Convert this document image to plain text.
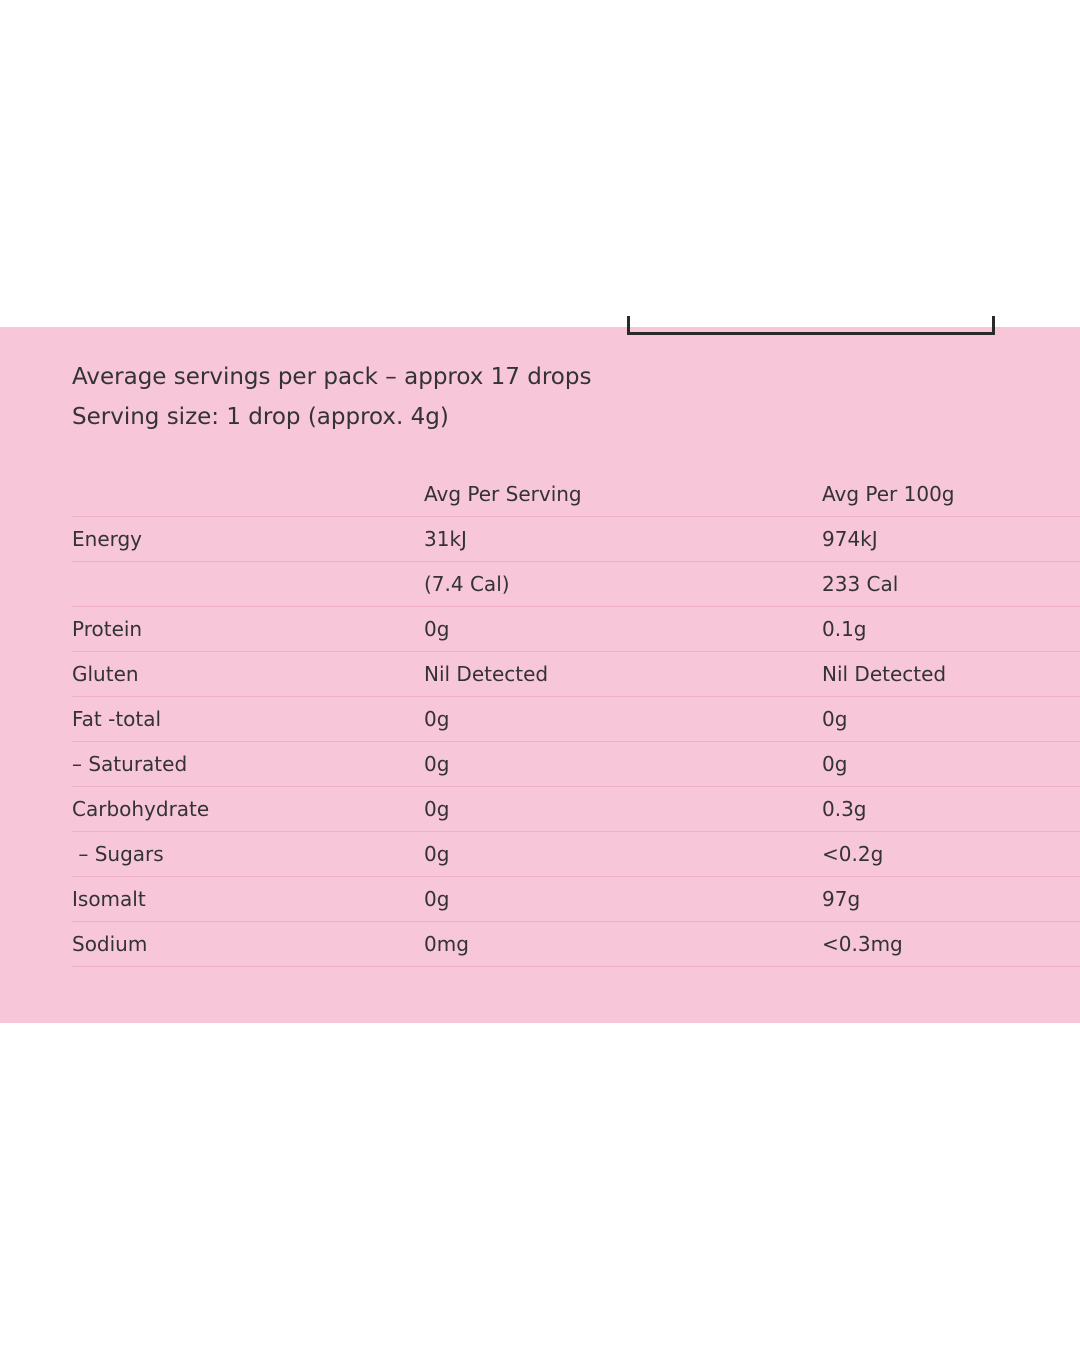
Average servings per pack – approx 17 drops
Serving size: 1 drop (approx. 4g)
	Avg Per Serving	Avg Per 100g
Energy	31kJ	974kJ
	(7.4 Cal)	233 Cal
Protein	0g	0.1g
Gluten	Nil Detected	Nil Detected
Fat -total	0g	0g
– Saturated	0g	0g
Carbohydrate	0g	0.3g
– Sugars	0g	<0.2g
Isomalt	0g	97g
Sodium	0mg	<0.3mg
